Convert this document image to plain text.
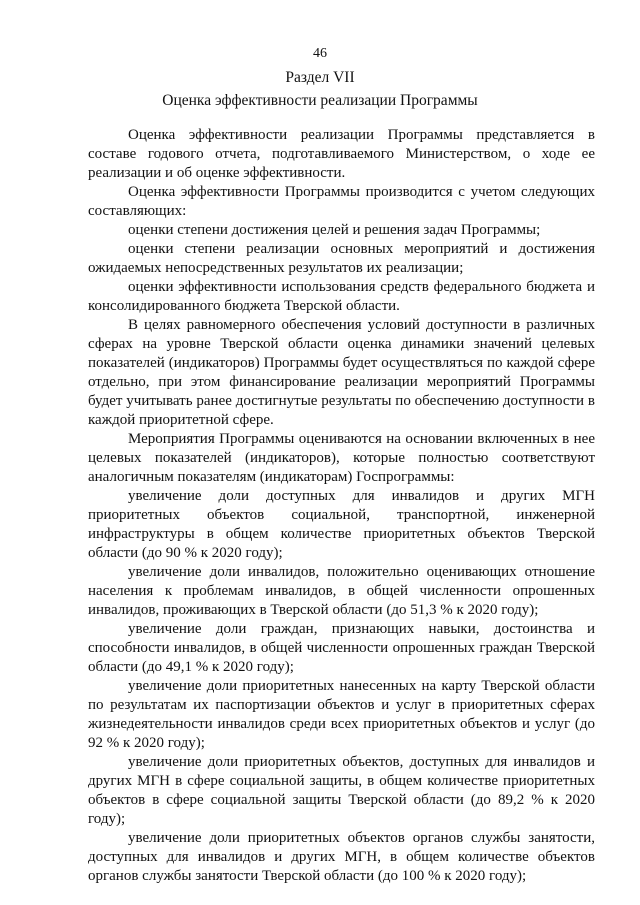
46
Раздел VII
Оценка эффективности реализации Программы

Оценка эффективности реализации Программы представляется в составе годового отчета, подготавливаемого Министерством, о ходе ее реализации и об оценке эффективности.

Оценка эффективности Программы производится с учетом следующих составляющих:

оценки степени достижения целей и решения задач Программы;

оценки степени реализации основных мероприятий и достижения ожидаемых непосредственных результатов их реализации;

оценки эффективности использования средств федерального бюджета и консолидированного бюджета Тверской области.

В целях равномерного обеспечения условий доступности в различных сферах на уровне Тверской области оценка динамики значений целевых показателей (индикаторов) Программы будет осуществляться по каждой сфере отдельно, при этом финансирование реализации мероприятий Программы будет учитывать ранее достигнутые результаты по обеспечению доступности в каждой приоритетной сфере.

Мероприятия Программы оцениваются на основании включенных в нее целевых показателей (индикаторов), которые полностью соответствуют аналогичным показателям (индикаторам) Госпрограммы:

увеличение доли доступных для инвалидов и других МГН приоритетных объектов социальной, транспортной, инженерной инфраструктуры в общем количестве приоритетных объектов Тверской области (до 90 % к 2020 году);

увеличение доли инвалидов, положительно оценивающих отношение населения к проблемам инвалидов, в общей численности опрошенных инвалидов, проживающих в Тверской области (до 51,3 % к 2020 году);

увеличение доли граждан, признающих навыки, достоинства и способности инвалидов, в общей численности опрошенных граждан Тверской области (до 49,1 % к 2020 году);

увеличение доли приоритетных нанесенных на карту Тверской области по результатам их паспортизации объектов и услуг в приоритетных сферах жизнедеятельности инвалидов среди всех приоритетных объектов и услуг (до 92 % к 2020 году);

увеличение доли приоритетных объектов, доступных для инвалидов и других МГН в сфере социальной защиты, в общем количестве приоритетных объектов в сфере социальной защиты Тверской области (до 89,2 % к 2020 году);

увеличение доли приоритетных объектов органов службы занятости, доступных для инвалидов и других МГН, в общем количестве объектов органов службы занятости Тверской области (до 100 % к 2020 году);
